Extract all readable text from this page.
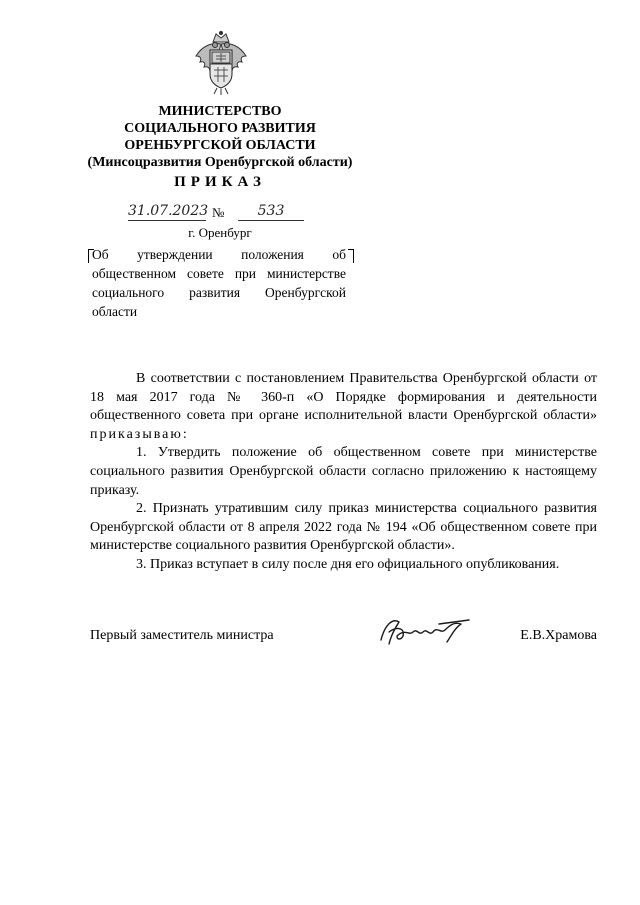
МИНИСТЕРСТВО
СОЦИАЛЬНОГО РАЗВИТИЯ
ОРЕНБУРГСКОЙ ОБЛАСТИ
(Минсоцразвития Оренбургской области)
ПРИКАЗ
31.07.2023 №	533
г. Оренбург
Об утверждении положения об общественном совете при министерстве социального развития Оренбургской области

В соответствии с постановлением Правительства Оренбургской области от 18 мая 2017 года № 360-п «О Порядке формирования и деятельности общественного совета при органе исполнительной власти Оренбургской области» приказываю:

1. Утвердить положение об общественном совете при министерстве социального развития Оренбургской области согласно приложению к настоящему приказу.

2. Признать утратившим силу приказ министерства социального развития Оренбургской области от 8 апреля 2022 года № 194 «Об общественном совете при министерстве социального развития Оренбургской области».

3. Приказ вступает в силу после дня его официального опубликования.

Первый заместитель министра	Е.В.Храмова
